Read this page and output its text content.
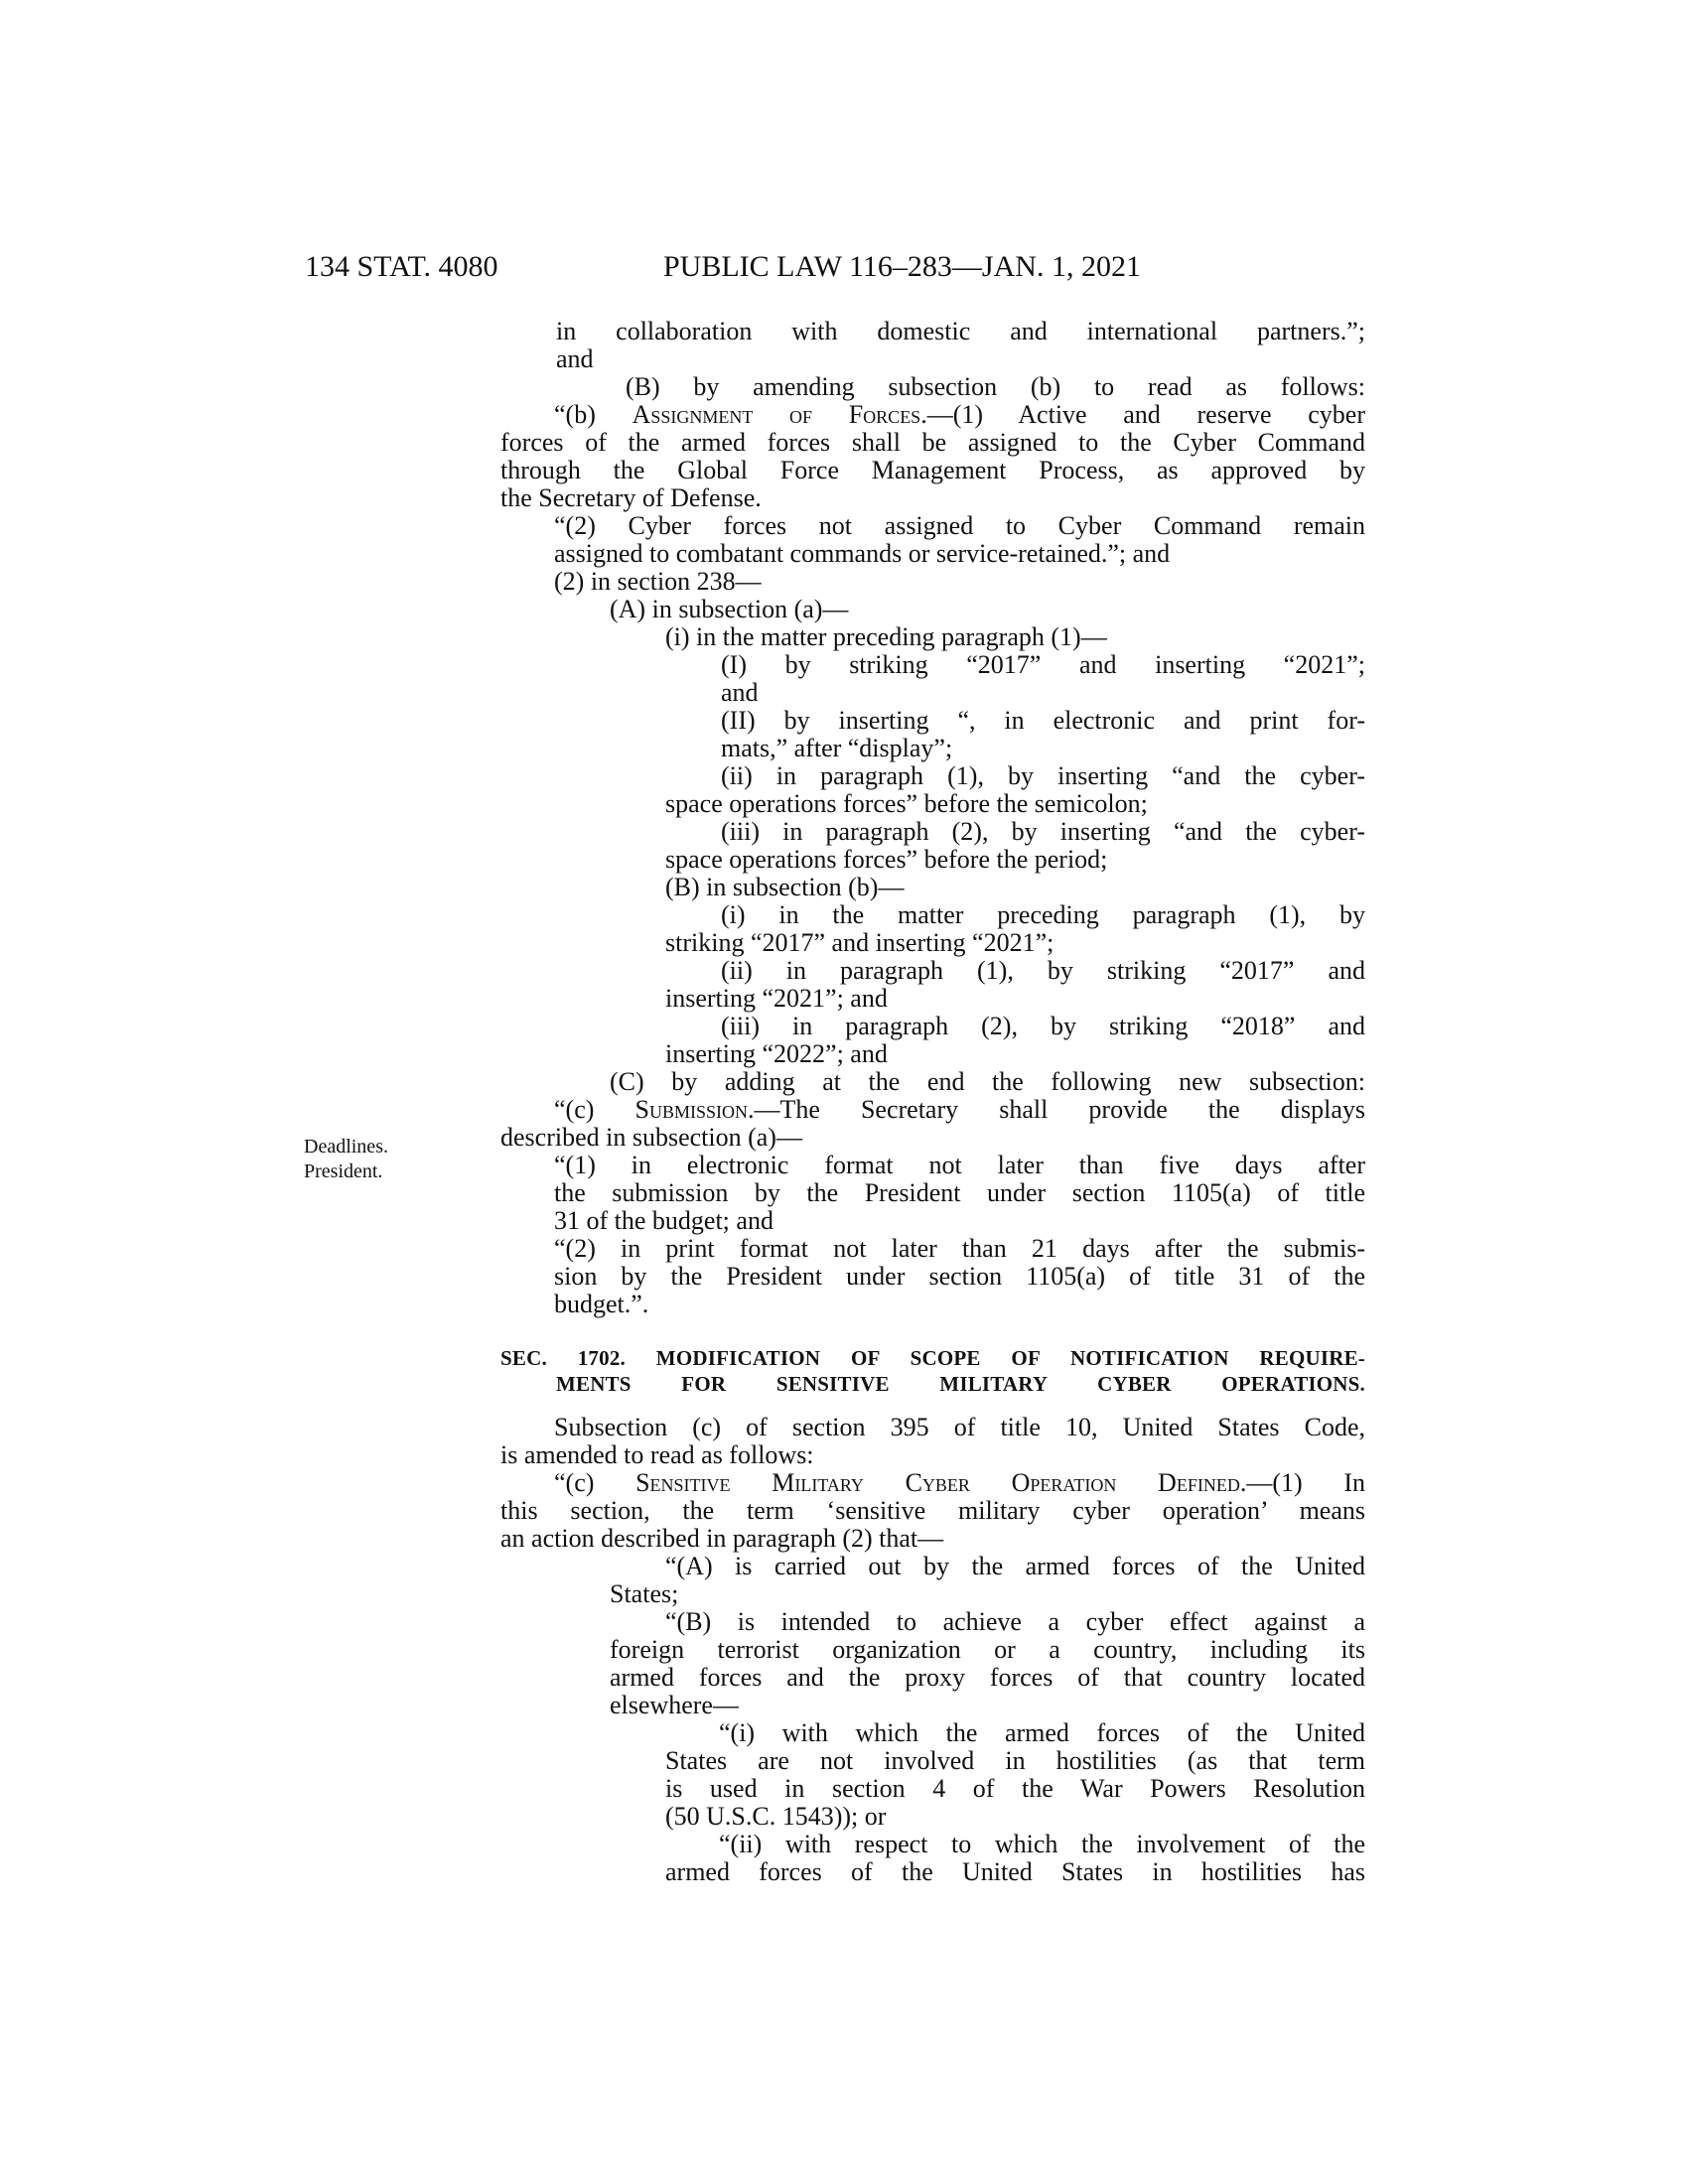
134 STAT. 4080	PUBLIC LAW 116–283—JAN. 1, 2021
Deadlines.
President.
in collaboration with domestic and international partners.”;
and
(B) by amending subsection (b) to read as follows:
“(b) Assignment of Forces.—(1) Active and reserve cyber
forces of the armed forces shall be assigned to the Cyber Command
through the Global Force Management Process, as approved by
the Secretary of Defense.
“(2) Cyber forces not assigned to Cyber Command remain
assigned to combatant commands or service-retained.”; and
(2) in section 238—
(A) in subsection (a)—
(i) in the matter preceding paragraph (1)—
(I) by striking “2017” and inserting “2021”;
and
(II) by inserting “, in electronic and print for-
mats,” after “display”;
(ii) in paragraph (1), by inserting “and the cyber-
space operations forces” before the semicolon;
(iii) in paragraph (2), by inserting “and the cyber-
space operations forces” before the period;
(B) in subsection (b)—
(i) in the matter preceding paragraph (1), by
striking “2017” and inserting “2021”;
(ii) in paragraph (1), by striking “2017” and
inserting “2021”; and
(iii) in paragraph (2), by striking “2018” and
inserting “2022”; and
(C) by adding at the end the following new subsection:
“(c) Submission.—The Secretary shall provide the displays
described in subsection (a)—
“(1) in electronic format not later than five days after
the submission by the President under section 1105(a) of title
31 of the budget; and
“(2) in print format not later than 21 days after the submis-
sion by the President under section 1105(a) of title 31 of the
budget.”.
SEC. 1702. MODIFICATION OF SCOPE OF NOTIFICATION REQUIRE-
MENTS FOR SENSITIVE MILITARY CYBER OPERATIONS.
Subsection (c) of section 395 of title 10, United States Code,
is amended to read as follows:
“(c) Sensitive Military Cyber Operation Defined.—(1) In
this section, the term ‘sensitive military cyber operation’ means
an action described in paragraph (2) that—
“(A) is carried out by the armed forces of the United
States;
“(B) is intended to achieve a cyber effect against a
foreign terrorist organization or a country, including its
armed forces and the proxy forces of that country located
elsewhere—
“(i) with which the armed forces of the United
States are not involved in hostilities (as that term
is used in section 4 of the War Powers Resolution
(50 U.S.C. 1543)); or
“(ii) with respect to which the involvement of the
armed forces of the United States in hostilities has
